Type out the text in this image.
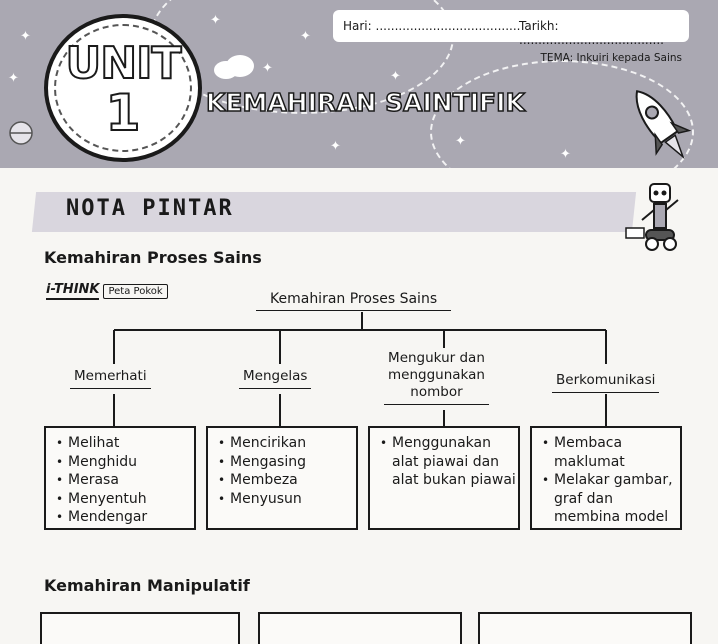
✦
✦
✦
✦
✦
✦
✦
✦
✦
UNIT
1	KEMAHIRAN SAINTIFIK
Hari: ......................................
Tarikh: ......................................
TEMA: Inkuiri kepada Sains
NOTA PINTAR
Kemahiran Proses Sains
i-THINK Peta Pokok	Kemahiran Proses Sains
Memerhati	Mengelas
Mengukur dan
menggunakan
nombor
Berkomunikasi
• Melihat
• Menghidu
• Merasa
• Menyentuh
• Mendengar
• Mencirikan
• Mengasing
• Membeza
• Menyusun
• Menggunakan alat piawai dan alat bukan piawai
• Membaca maklumat
• Melakar gambar, graf dan membina model
Kemahiran Manipulatif
